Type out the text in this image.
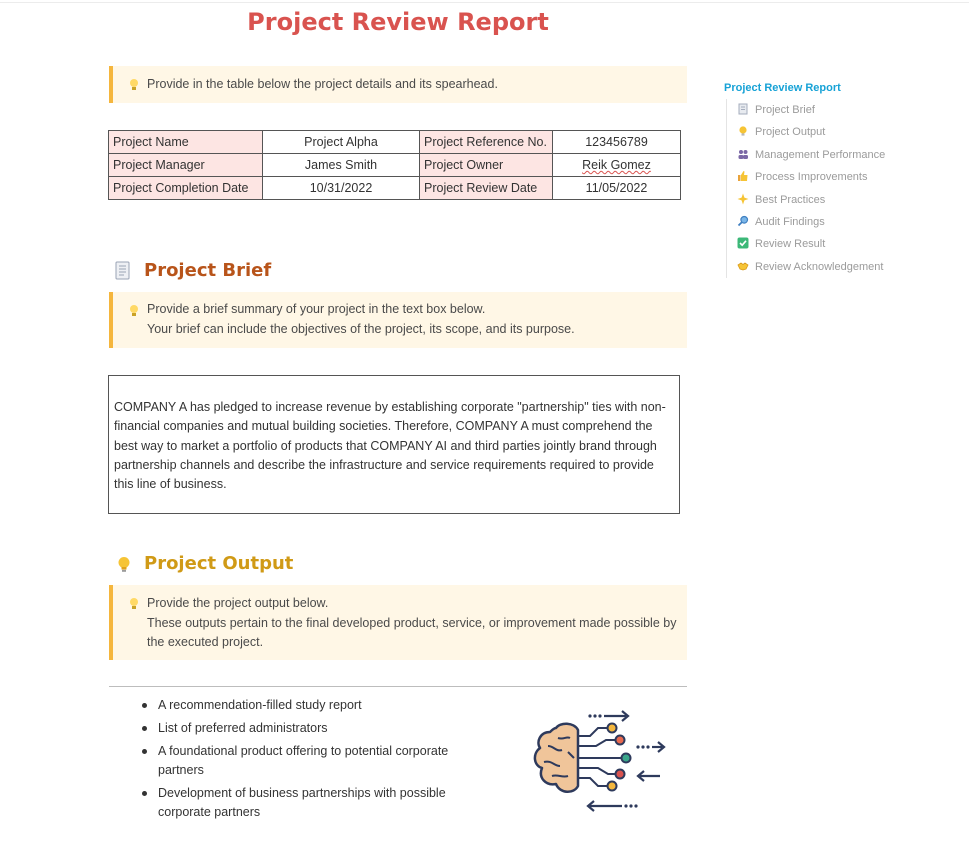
Project Review Report
Provide in the table below the project details and its spearhead.
Project Name	Project Alpha	Project Reference No.	123456789
Project Manager	James Smith	Project Owner	Reik Gomez
Project Completion Date	10/31/2022	Project Review Date	11/05/2022
Project Brief
Provide a brief summary of your project in the text box below.
Your brief can include the objectives of the project, its scope, and its purpose.
COMPANY A has pledged to increase revenue by establishing corporate "partnership" ties with non-financial companies and mutual building societies. Therefore, COMPANY A must comprehend the best way to market a portfolio of products that COMPANY AI and third parties jointly brand through partnership channels and describe the infrastructure and service requirements required to provide this line of business.
Project Output
Provide the project output below.
These outputs pertain to the final developed product, service, or improvement made possible by the executed project.
A recommendation-filled study report
List of preferred administrators
A foundational product offering to potential corporate partners
Development of business partnerships with possible corporate partners
Project Review Report
Project Brief
Project Output
Management Performance
Process Improvements
Best Practices
Audit Findings
Review Result
Review Acknowledgement
